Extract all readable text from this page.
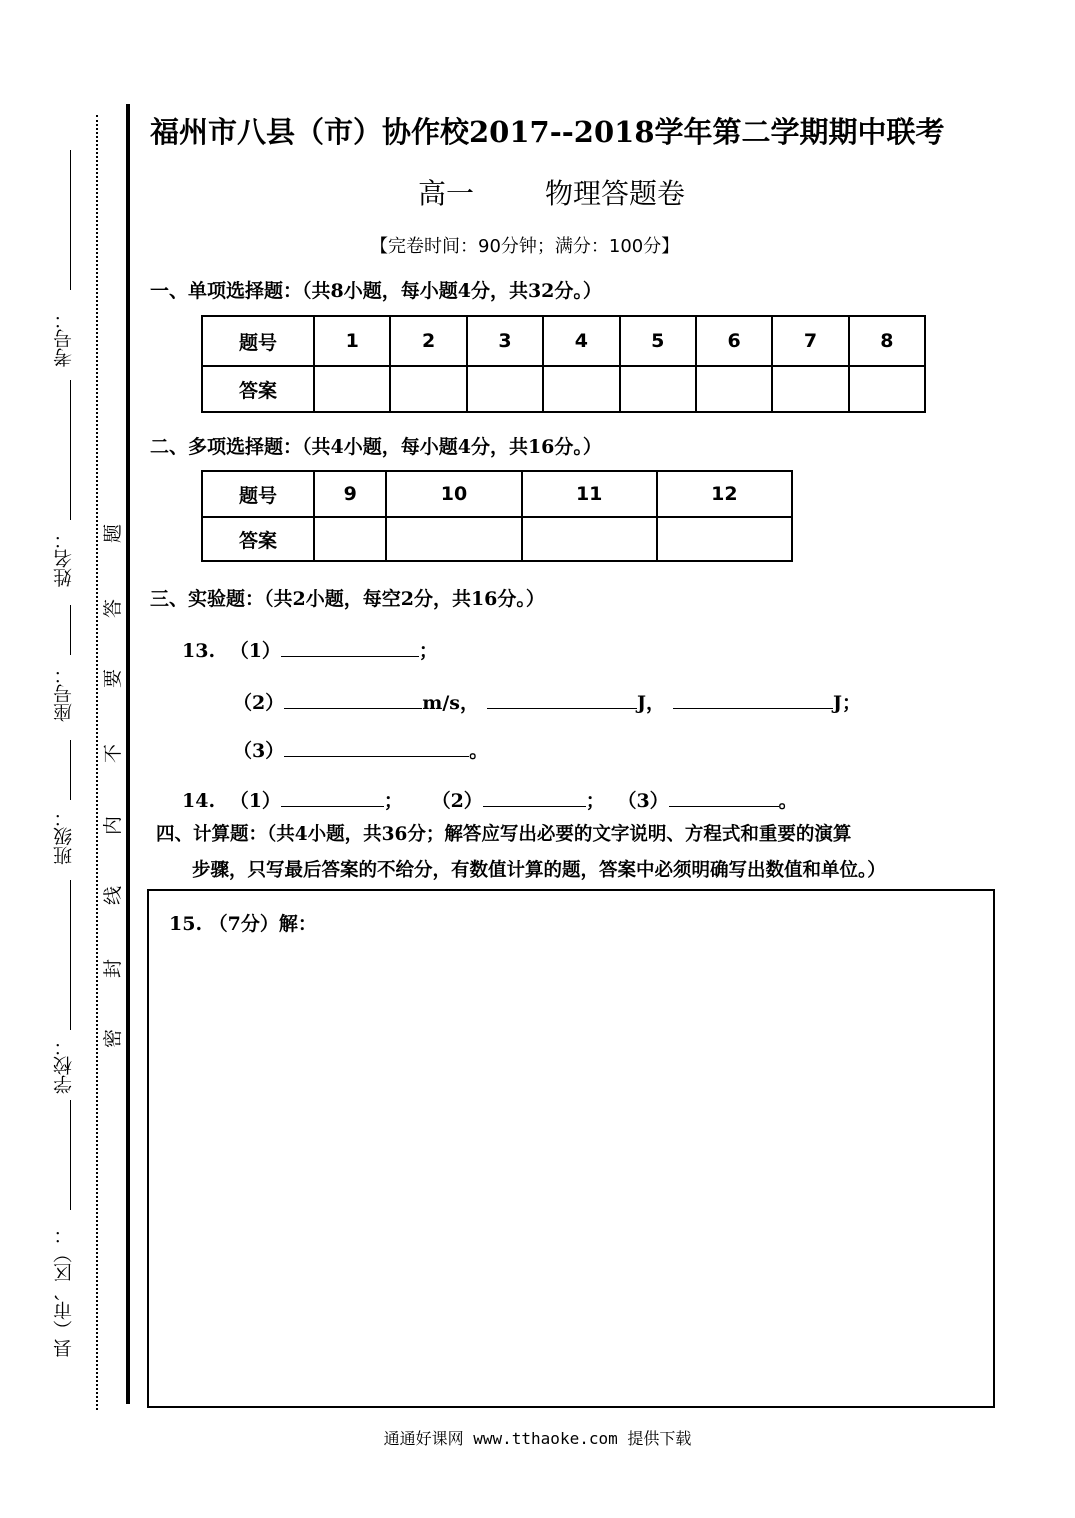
考号：
姓名：
座号：
班级：
学校：
县（市、区）：
题
答
要
不
内
线
封
密
福州市八县（市）协作校2017--2018学年第二学期期中联考
高一	物理答题卷
【完卷时间：90分钟；满分：100分】
一、单项选择题：（共8小题，每小题4分，共32分。）
题号	1	2	3	4	5	6	7	8
答案								
二、多项选择题：（共4小题，每小题4分，共16分。）
题号	9	10	11	12
答案				
三、实验题：（共2小题，每空2分，共16分。）
13. （1）	；
（2）	m/s，	J，	J；
（3）	。
14. （1）	； （2）	； （3）	。
四、计算题：（共4小题，共36分；解答应写出必要的文字说明、方程式和重要的演算
步骤，只写最后答案的不给分，有数值计算的题，答案中必须明确写出数值和单位。）
15. （7分）解：
通通好课网 www.tthaoke.com 提供下载
